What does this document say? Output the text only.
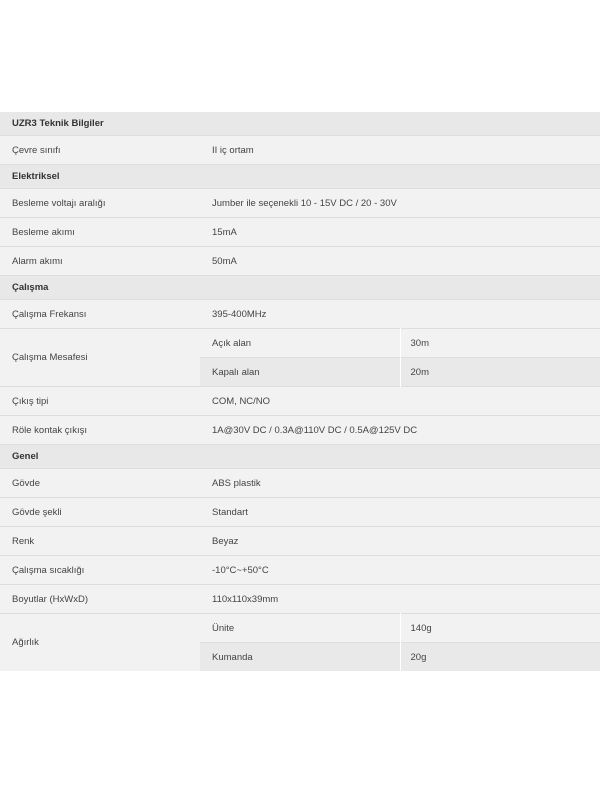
UZR3 Teknik Bilgiler		
Çevre sınıfı	II iç ortam	
Elektriksel		
Besleme voltajı aralığı	Jumber ile seçenekli 10 - 15V DC / 20 - 30V	
Besleme akımı	15mA	
Alarm akımı	50mA	
Çalışma		
Çalışma Frekansı	395-400MHz	
Çalışma Mesafesi	Açık alan	30m
	Kapalı alan	20m
Çıkış tipi	COM, NC/NO	
Röle kontak çıkışı	1A@30V DC / 0.3A@110V DC / 0.5A@125V DC	
Genel		
Gövde	ABS plastik	
Gövde şekli	Standart	
Renk	Beyaz	
Çalışma sıcaklığı	-10°C~+50°C	
Boyutlar (HxWxD)	110x110x39mm	
Ağırlık	Ünite	140g
	Kumanda	20g
